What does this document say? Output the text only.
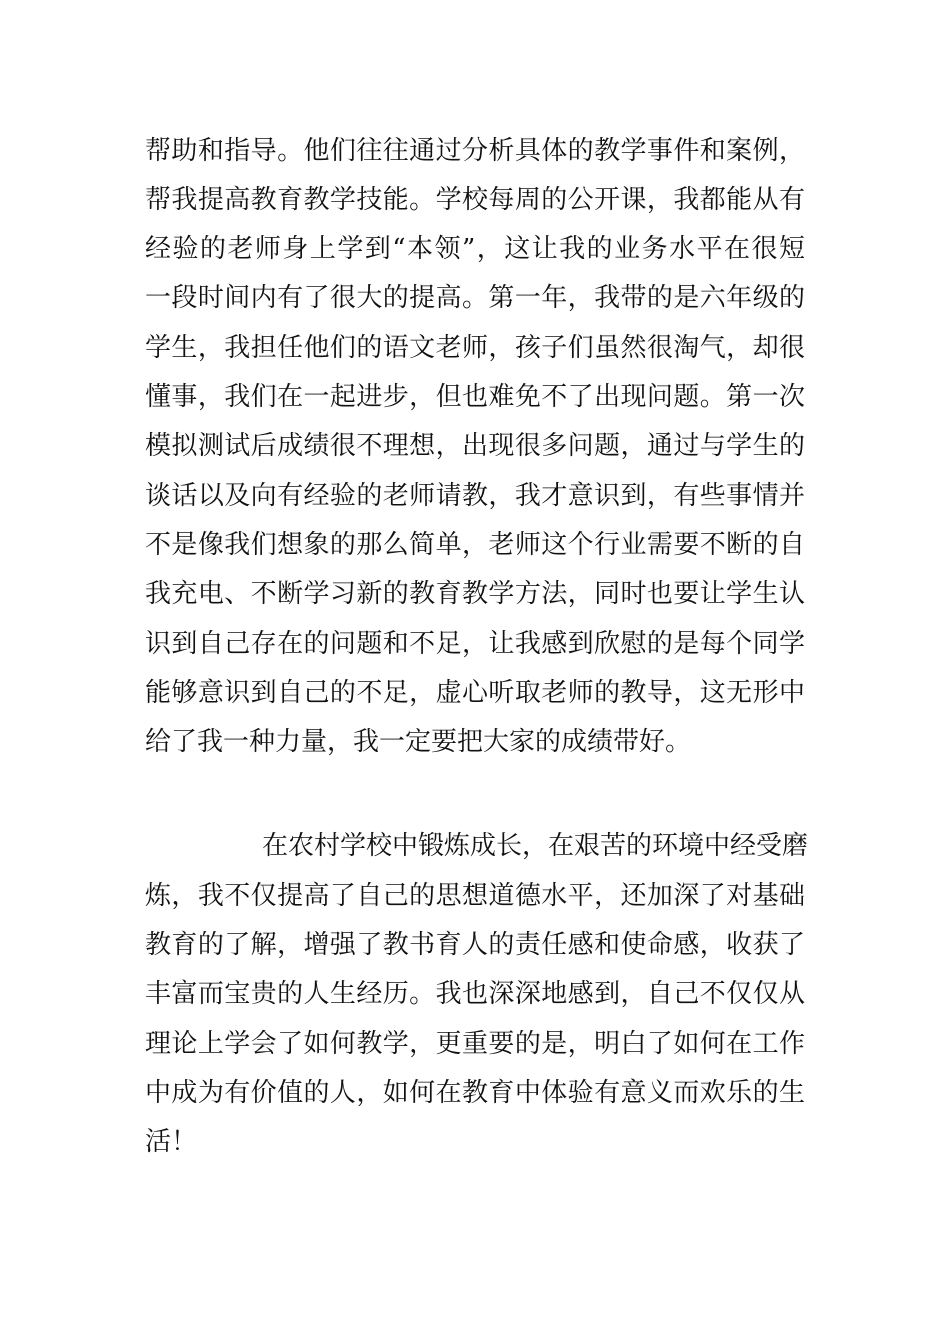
帮助和指导。他们往往通过分析具体的教学事件和案例，
帮我提高教育教学技能。学校每周的公开课，我都能从有
经验的老师身上学到“本领”，这让我的业务水平在很短
一段时间内有了很大的提高。第一年，我带的是六年级的
学生，我担任他们的语文老师，孩子们虽然很淘气，却很
懂事，我们在一起进步，但也难免不了出现问题。第一次
模拟测试后成绩很不理想，出现很多问题，通过与学生的
谈话以及向有经验的老师请教，我才意识到，有些事情并
不是像我们想象的那么简单，老师这个行业需要不断的自
我充电、不断学习新的教育教学方法，同时也要让学生认
识到自己存在的问题和不足，让我感到欣慰的是每个同学
能够意识到自己的不足，虚心听取老师的教导，这无形中
给了我一种力量，我一定要把大家的成绩带好。
在农村学校中锻炼成长，在艰苦的环境中经受磨
炼，我不仅提高了自己的思想道德水平，还加深了对基础
教育的了解，增强了教书育人的责任感和使命感，收获了
丰富而宝贵的人生经历。我也深深地感到，自己不仅仅从
理论上学会了如何教学，更重要的是，明白了如何在工作
中成为有价值的人，如何在教育中体验有意义而欢乐的生
活！
